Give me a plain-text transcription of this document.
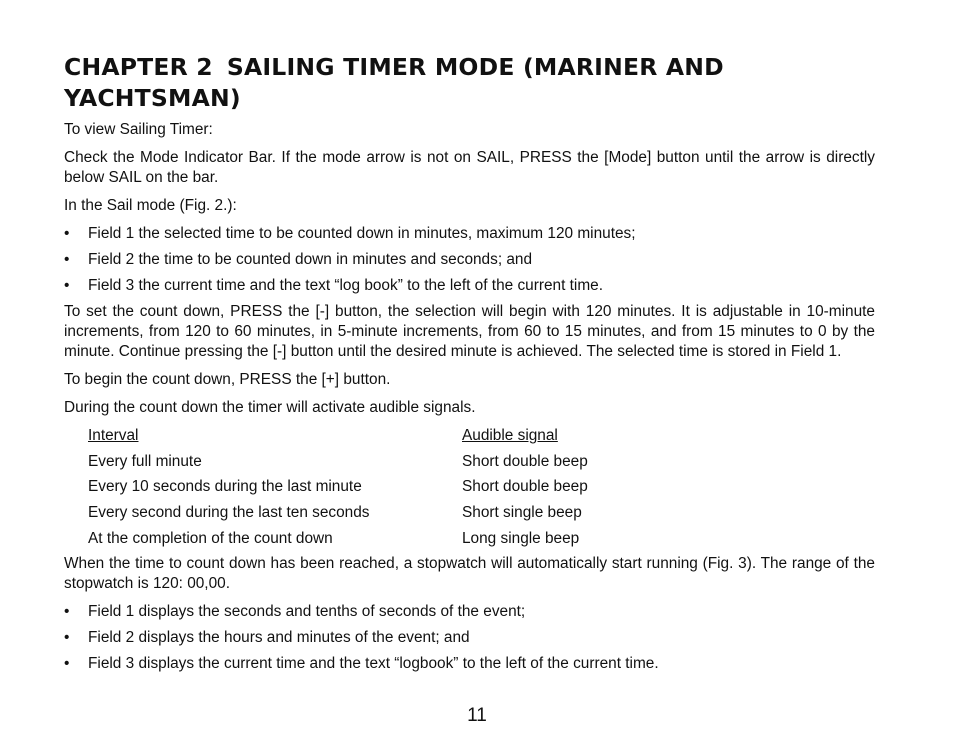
CHAPTER 2 SAILING TIMER MODE (MARINER AND YACHTSMAN)

To view Sailing Timer:

Check the Mode Indicator Bar. If the mode arrow is not on SAIL, PRESS the [Mode] button until the arrow is directly below SAIL on the bar.

In the Sail mode (Fig. 2.):

• Field 1 the selected time to be counted down in minutes, maximum 120 minutes;
• Field 2 the time to be counted down in minutes and seconds; and
• Field 3 the current time and the text “log book” to the left of the current time.

To set the count down, PRESS the [-] button, the selection will begin with 120 minutes. It is adjustable in 10-minute increments, from 120 to 60 minutes, in 5-minute increments, from 60 to 15 minutes, and from 15 minutes to 0 by the minute. Continue pressing the [-] button until the desired minute is achieved. The selected time is stored in Field 1.

To begin the count down, PRESS the [+] button.

During the count down the timer will activate audible signals.

Interval	Audible signal
Every full minute	Short double beep
Every 10 seconds during the last minute	Short double beep
Every second during the last ten seconds	Short single beep
At the completion of the count down	Long single beep

When the time to count down has been reached, a stopwatch will automatically start running (Fig. 3). The range of the stopwatch is 120: 00,00.

• Field 1 displays the seconds and tenths of seconds of the event;
• Field 2 displays the hours and minutes of the event; and
• Field 3 displays the current time and the text “logbook” to the left of the current time.
11
